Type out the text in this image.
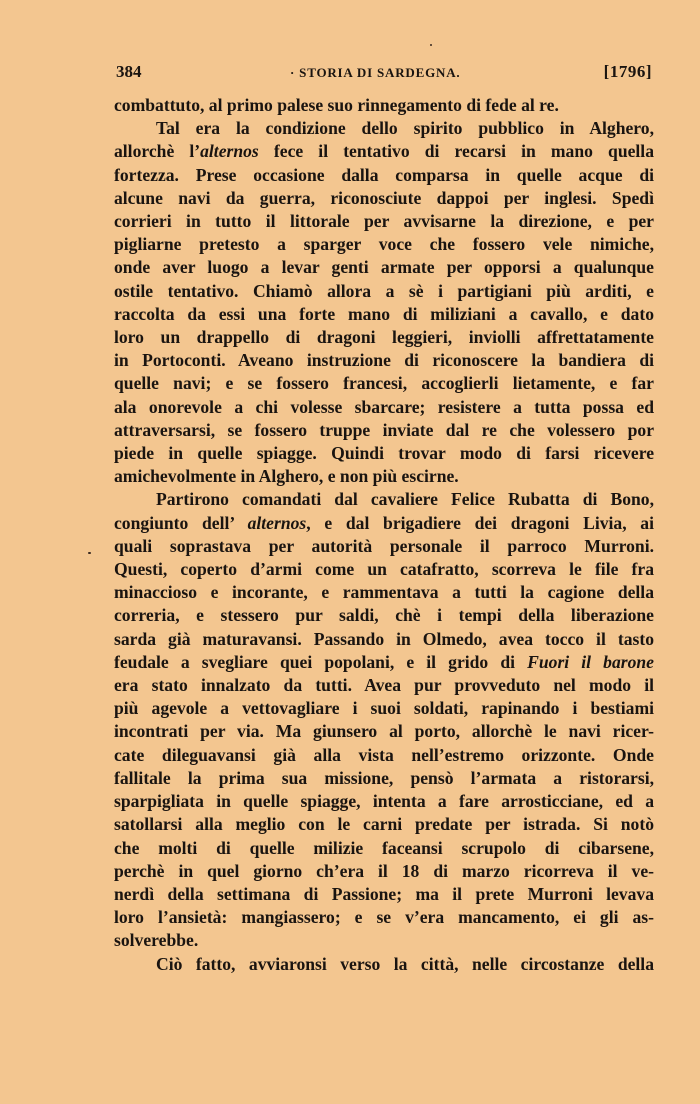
384	· STORIA DI SARDEGNA.	[1796]
combattuto, al primo palese suo rinnegamento di fede al re.
Tal era la condizione dello spirito pubblico in Alghero,
allorchè l’alternos fece il tentativo di recarsi in mano quella
fortezza. Prese occasione dalla comparsa in quelle acque di
alcune navi da guerra, riconosciute dappoi per inglesi. Spedì
corrieri in tutto il littorale per avvisarne la direzione, e per
pigliarne pretesto a sparger voce che fossero vele nimiche,
onde aver luogo a levar genti armate per opporsi a qualunque
ostile tentativo. Chiamò allora a sè i partigiani più arditi, e
raccolta da essi una forte mano di miliziani a cavallo, e dato
loro un drappello di dragoni leggieri, inviolli affrettatamente
in Portoconti. Aveano instruzione di riconoscere la bandiera di
quelle navi; e se fossero francesi, accoglierli lietamente, e far
ala onorevole a chi volesse sbarcare; resistere a tutta possa ed
attraversarsi, se fossero truppe inviate dal re che volessero por
piede in quelle spiagge. Quindi trovar modo di farsi ricevere
amichevolmente in Alghero, e non più escirne.
Partirono comandati dal cavaliere Felice Rubatta di Bono,
congiunto dell’ alternos, e dal brigadiere dei dragoni Livia, ai
quali soprastava per autorità personale il parroco Murroni.
Questi, coperto d’armi come un catafratto, scorreva le file fra
minaccioso e incorante, e rammentava a tutti la cagione della
correria, e stessero pur saldi, chè i tempi della liberazione
sarda già maturavansi. Passando in Olmedo, avea tocco il tasto
feudale a svegliare quei popolani, e il grido di Fuori il barone
era stato innalzato da tutti. Avea pur provveduto nel modo il
più agevole a vettovagliare i suoi soldati, rapinando i bestiami
incontrati per via. Ma giunsero al porto, allorchè le navi ricer-
cate dileguavansi già alla vista nell’estremo orizzonte. Onde
fallitale la prima sua missione, pensò l’armata a ristorarsi,
sparpigliata in quelle spiagge, intenta a fare arrosticciane, ed a
satollarsi alla meglio con le carni predate per istrada. Si notò
che molti di quelle milizie faceansi scrupolo di cibarsene,
perchè in quel giorno ch’era il 18 di marzo ricorreva il ve-
nerdì della settimana di Passione; ma il prete Murroni levava
loro l’ansietà: mangiassero; e se v’era mancamento, ei gli as-
solverebbe.
Ciò fatto, avviaronsi verso la città, nelle circostanze della
